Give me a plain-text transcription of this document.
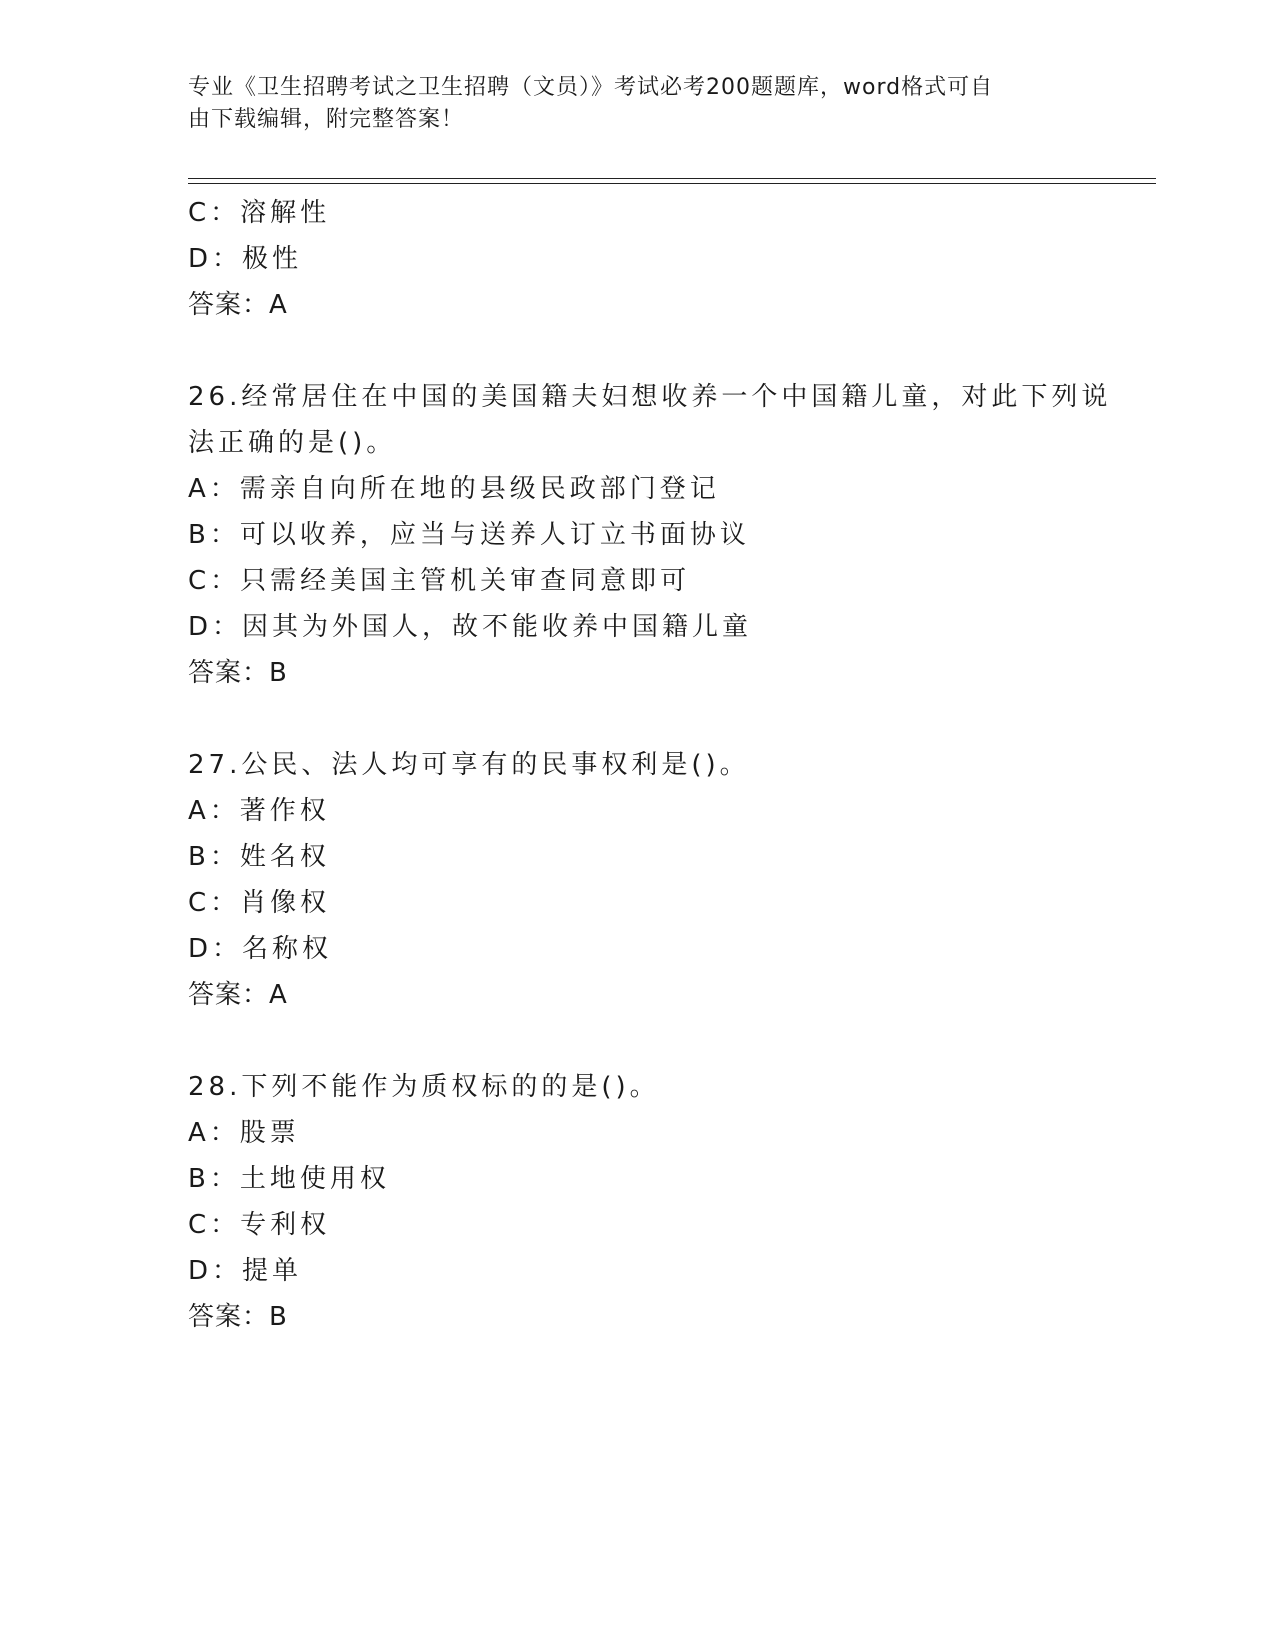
专业《卫生招聘考试之卫生招聘（文员）》考试必考200题题库，word格式可自
由下载编辑，附完整答案！
C：溶解性
D：极性
答案：A
26.经常居住在中国的美国籍夫妇想收养一个中国籍儿童，对此下列说
法正确的是()。
A：需亲自向所在地的县级民政部门登记
B：可以收养，应当与送养人订立书面协议
C：只需经美国主管机关审查同意即可
D：因其为外国人，故不能收养中国籍儿童
答案：B
27.公民、法人均可享有的民事权利是()。
A：著作权
B：姓名权
C：肖像权
D：名称权
答案：A
28.下列不能作为质权标的的是()。
A：股票
B：土地使用权
C：专利权
D：提单
答案：B
